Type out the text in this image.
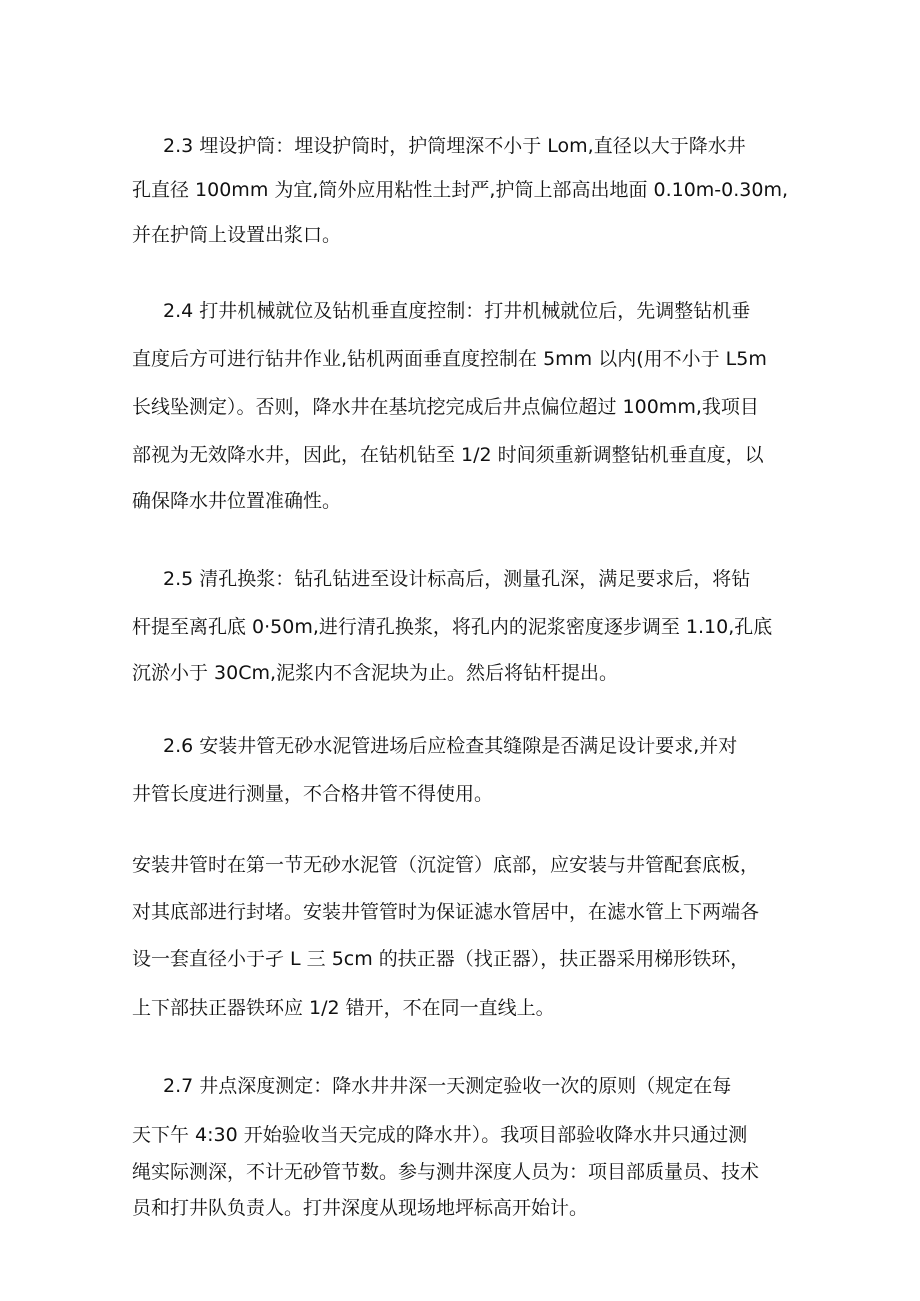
2.3 埋设护筒：埋设护筒时，护筒埋深不小于 Lom,直径以大于降水井
孔直径 100mm 为宜,筒外应用粘性土封严,护筒上部高出地面 0.10m-0.30m,
并在护筒上设置出浆口。
2.4 打井机械就位及钻机垂直度控制：打井机械就位后，先调整钻机垂
直度后方可进行钻井作业,钻机两面垂直度控制在 5mm 以内(用不小于 L5m
长线坠测定）。否则，降水井在基坑挖完成后井点偏位超过 100mm,我项目
部视为无效降水井，因此，在钻机钻至 1/2 时间须重新调整钻机垂直度，以
确保降水井位置准确性。
2.5 清孔换浆：钻孔钻进至设计标高后，测量孔深，满足要求后，将钻
杆提至离孔底 0·50m,进行清孔换浆，将孔内的泥浆密度逐步调至 1.10,孔底
沉淤小于 30Cm,泥浆内不含泥块为止。然后将钻杆提出。
2.6 安装井管无砂水泥管进场后应检查其缝隙是否满足设计要求,并对
井管长度进行测量，不合格井管不得使用。
安装井管时在第一节无砂水泥管（沉淀管）底部，应安装与井管配套底板，
对其底部进行封堵。安装井管管时为保证滤水管居中，在滤水管上下两端各
设一套直径小于孑 L 三 5cm 的扶正器（找正器），扶正器采用梯形铁环，
上下部扶正器铁环应 1/2 错开，不在同一直线上。
2.7 井点深度测定：降水井井深一天测定验收一次的原则（规定在每
天下午 4:30 开始验收当天完成的降水井）。我项目部验收降水井只通过测
绳实际测深，不计无砂管节数。参与测井深度人员为：项目部质量员、技术
员和打井队负责人。打井深度从现场地坪标高开始计。
